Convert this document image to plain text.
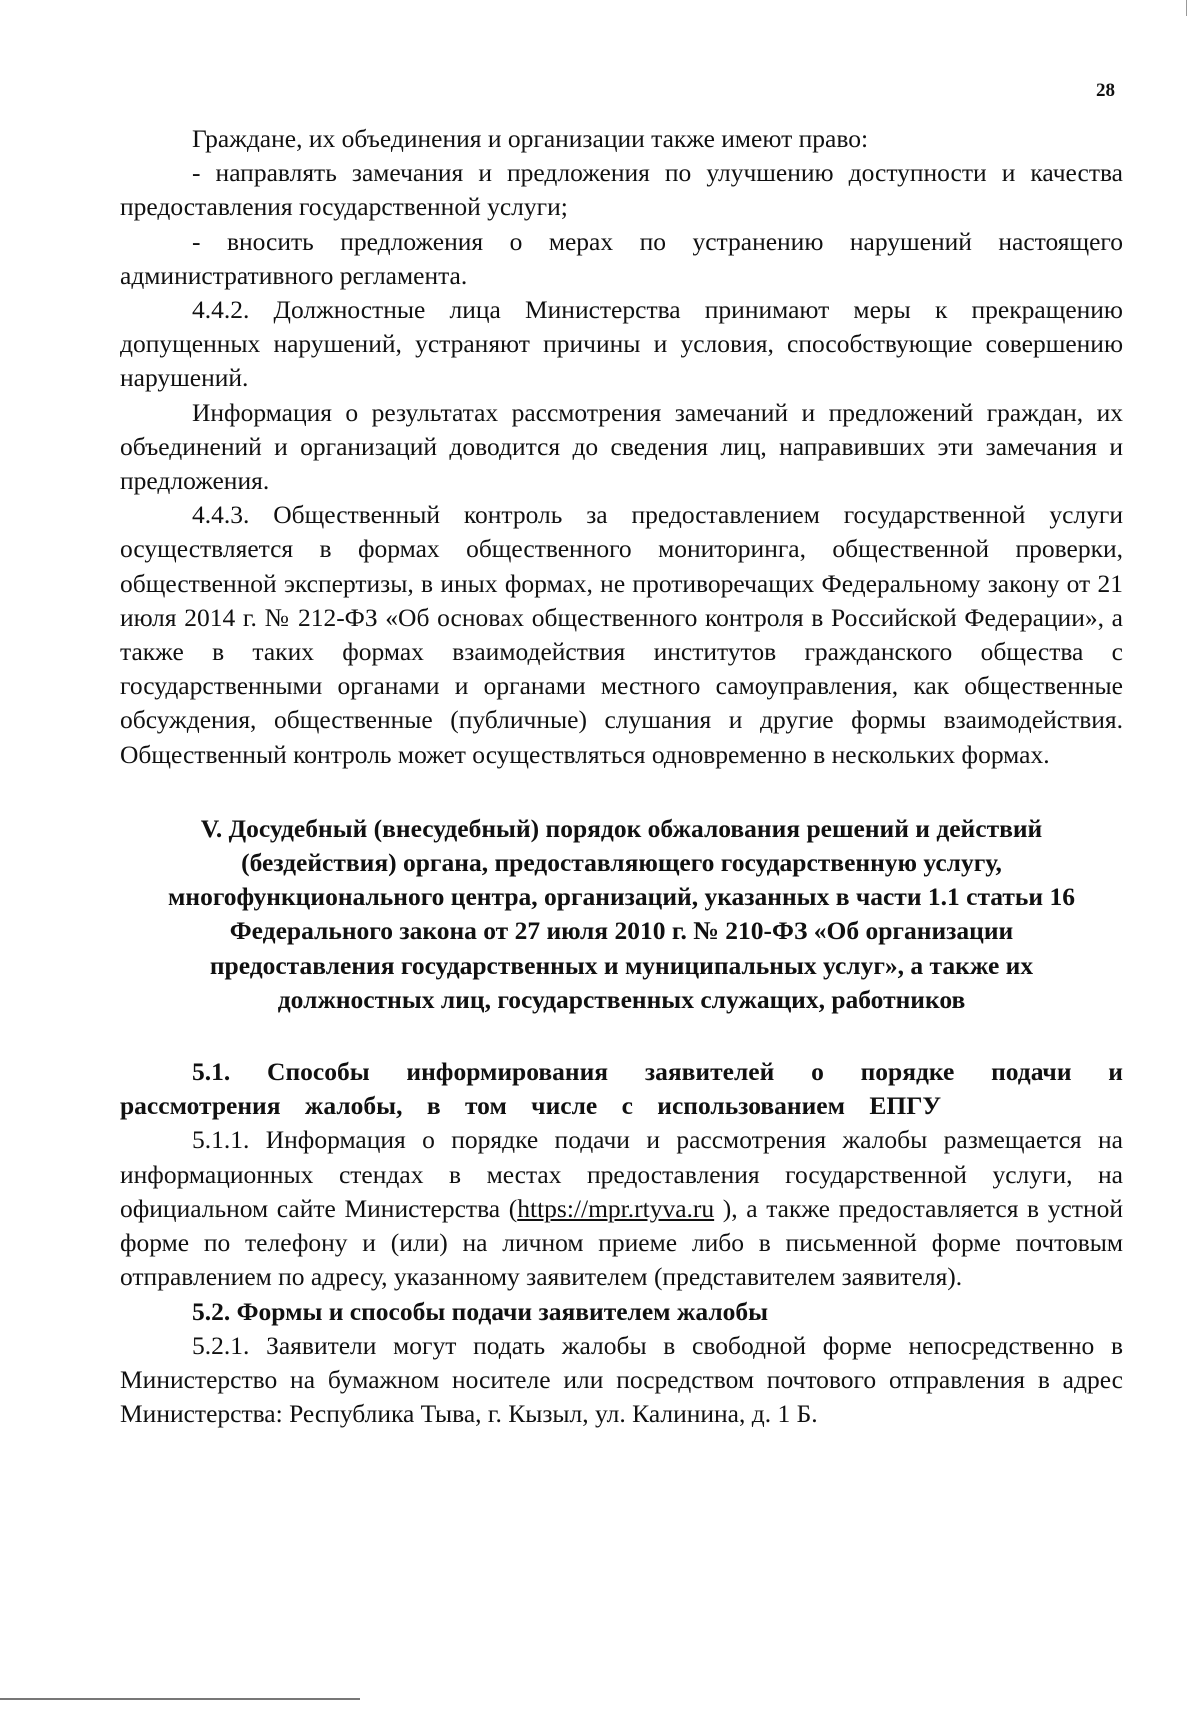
28

Граждане, их объединения и организации также имеют право:

- направлять замечания и предложения по улучшению доступности и качества предоставления государственной услуги;

- вносить предложения о мерах по устранению нарушений настоящего административного регламента.

4.4.2. Должностные лица Министерства принимают меры к прекращению допущенных нарушений, устраняют причины и условия, способствующие совершению нарушений.

Информация о результатах рассмотрения замечаний и предложений граждан, их объединений и организаций доводится до сведения лиц, направивших эти замечания и предложения.

4.4.3. Общественный контроль за предоставлением государственной услуги осуществляется в формах общественного мониторинга, общественной проверки, общественной экспертизы, в иных формах, не противоречащих Федеральному закону от 21 июля 2014 г. № 212-ФЗ «Об основах общественного контроля в Российской Федерации», а также в таких формах взаимодействия институтов гражданского общества с государственными органами и органами местного самоуправления, как общественные обсуждения, общественные (публичные) слушания и другие формы взаимодействия. Общественный контроль может осуществляться одновременно в нескольких формах.

V. Досудебный (внесудебный) порядок обжалования решений и действий (бездействия) органа, предоставляющего государственную услугу, многофункционального центра, организаций, указанных в части 1.1 статьи 16 Федерального закона от 27 июля 2010 г. № 210-ФЗ «Об организации предоставления государственных и муниципальных услуг», а также их должностных лиц, государственных служащих, работников

5.1. Способы информирования заявителей о порядке подачи и рассмотрения жалобы, в том числе с использованием ЕПГУ

5.1.1. Информация о порядке подачи и рассмотрения жалобы размещается на информационных стендах в местах предоставления государственной услуги, на официальном сайте Министерства (https://mpr.rtyva.ru ), а также предоставляется в устной форме по телефону и (или) на личном приеме либо в письменной форме почтовым отправлением по адресу, указанному заявителем (представителем заявителя).

5.2. Формы и способы подачи заявителем жалобы

5.2.1. Заявители могут подать жалобы в свободной форме непосредственно в Министерство на бумажном носителе или посредством почтового отправления в адрес Министерства: Республика Тыва, г. Кызыл, ул. Калинина, д. 1 Б.
